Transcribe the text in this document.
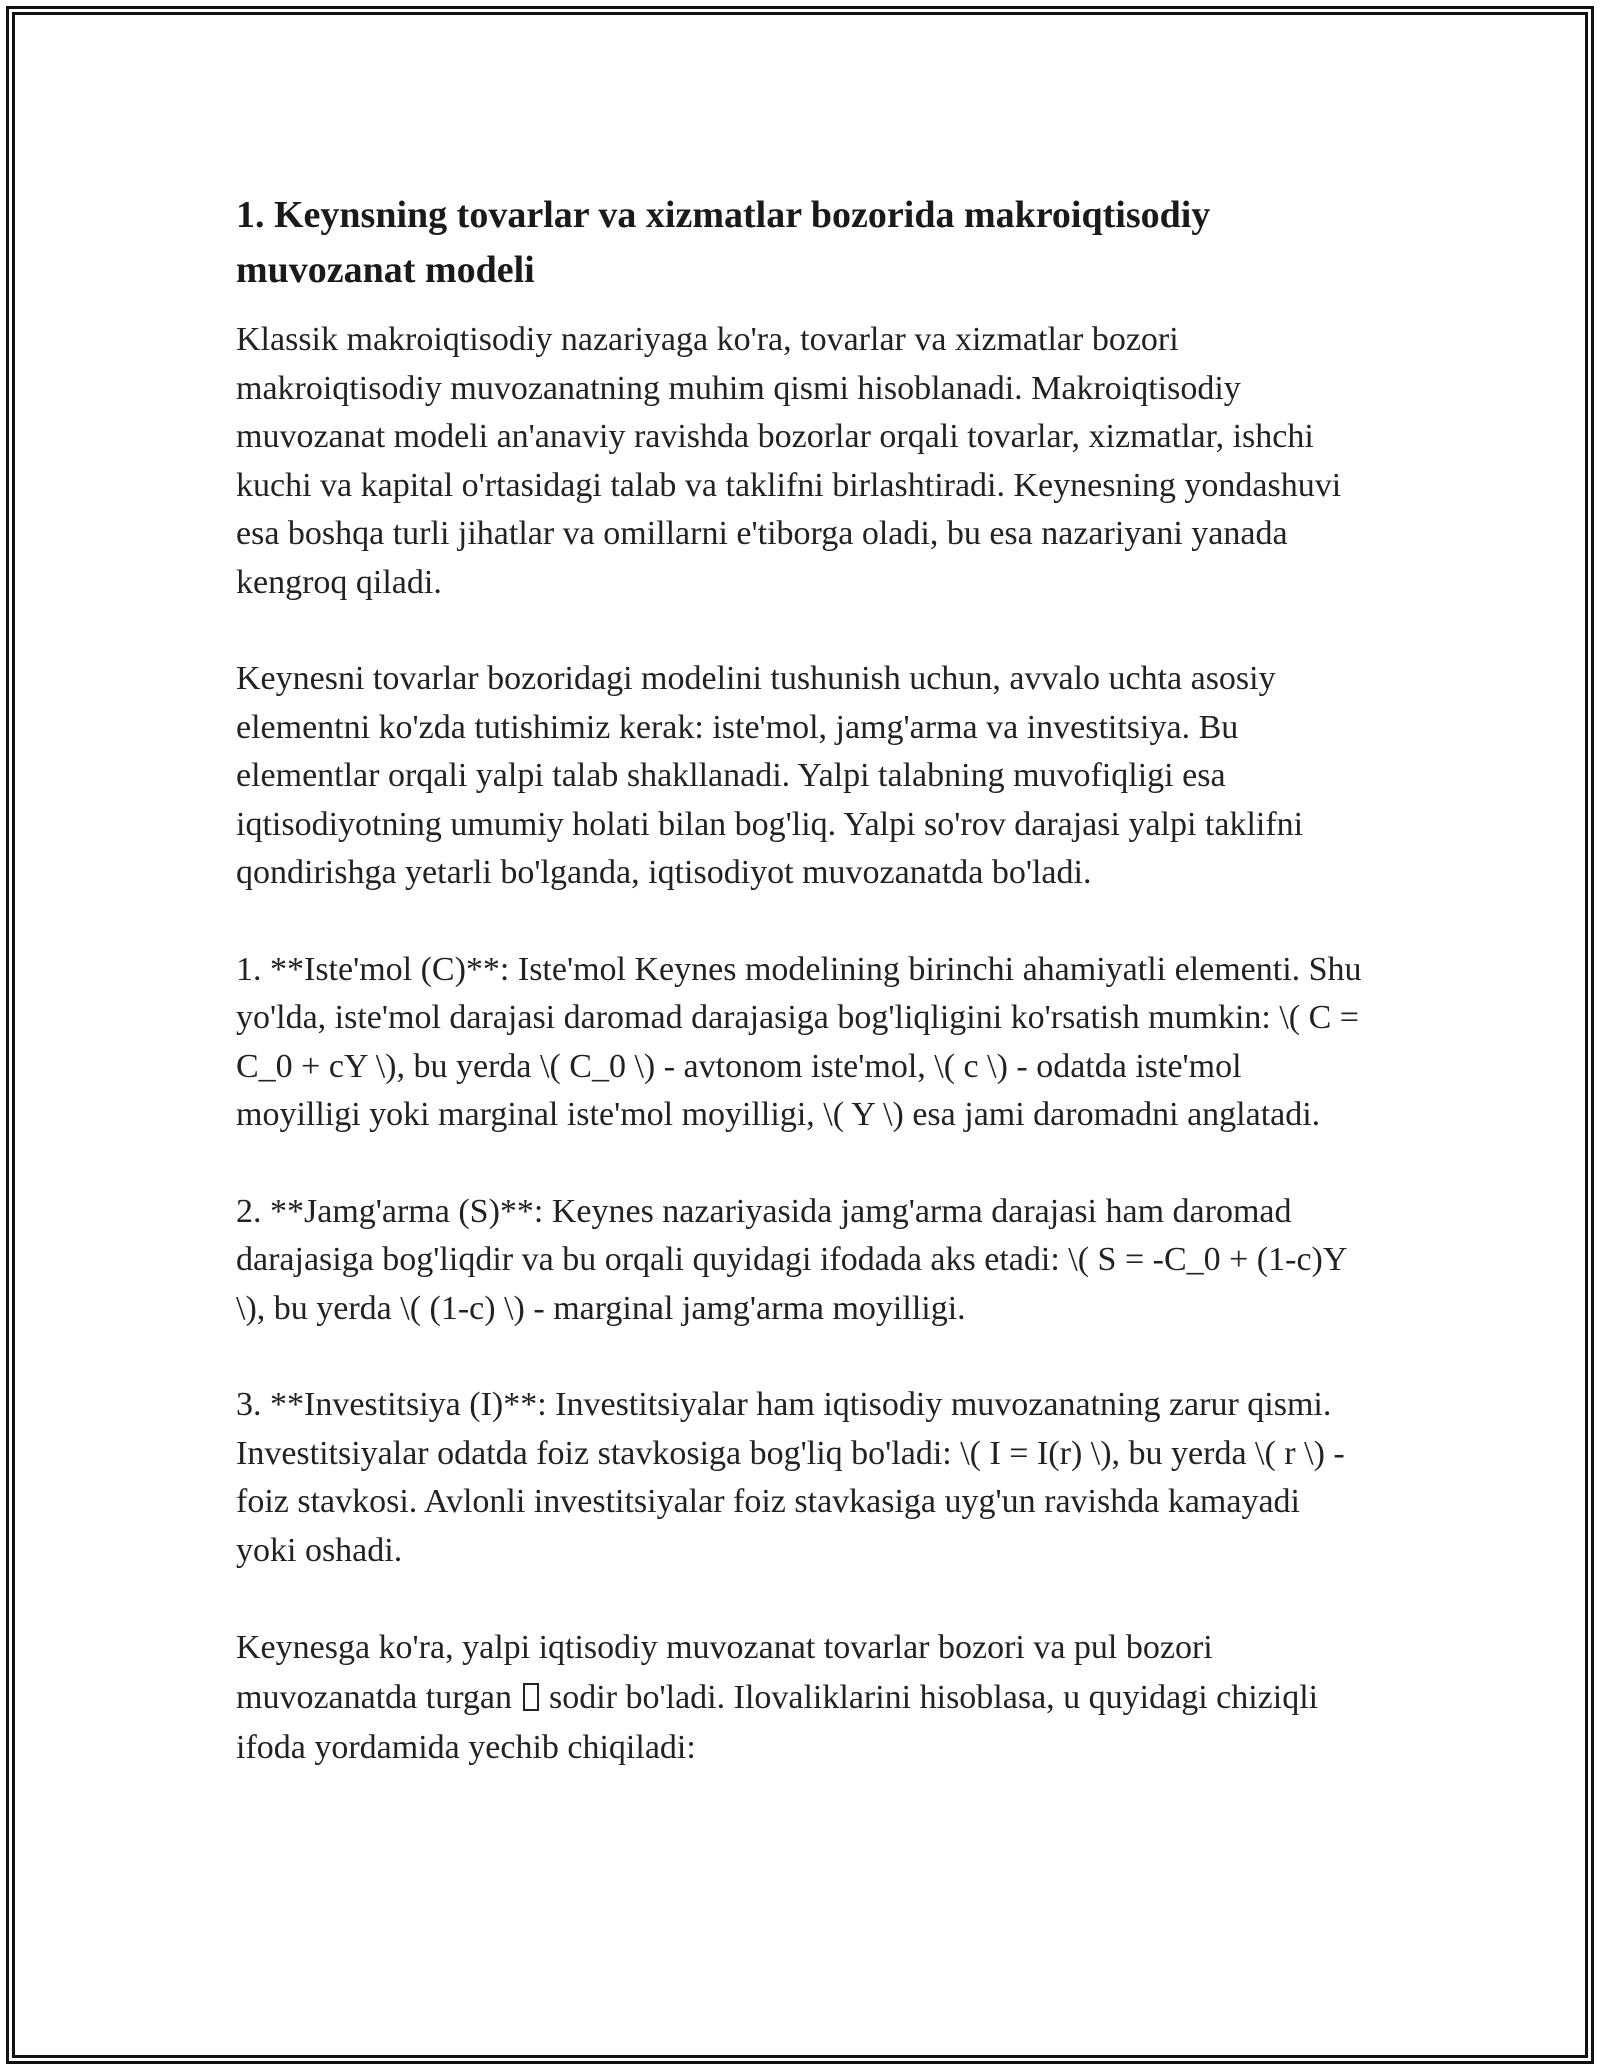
1. Keynsning tovarlar va xizmatlar bozorida makroiqtisodiy muvozanat modeli

Klassik makroiqtisodiy nazariyaga ko'ra, tovarlar va xizmatlar bozori makroiqtisodiy muvozanatning muhim qismi hisoblanadi. Makroiqtisodiy muvozanat modeli an'anaviy ravishda bozorlar orqali tovarlar, xizmatlar, ishchi kuchi va kapital o'rtasidagi talab va taklifni birlashtiradi. Keynesning yondashuvi esa boshqa turli jihatlar va omillarni e'tiborga oladi, bu esa nazariyani yanada kengroq qiladi.

Keynesni tovarlar bozoridagi modelini tushunish uchun, avvalo uchta asosiy elementni ko'zda tutishimiz kerak: iste'mol, jamg'arma va investitsiya. Bu elementlar orqali yalpi talab shakllanadi. Yalpi talabning muvofiqligi esa iqtisodiyotning umumiy holati bilan bog'liq. Yalpi so'rov darajasi yalpi taklifni qondirishga yetarli bo'lganda, iqtisodiyot muvozanatda bo'ladi.

1. **Iste'mol (C)**: Iste'mol Keynes modelining birinchi ahamiyatli elementi. Shu yo'lda, iste'mol darajasi daromad darajasiga bog'liqligini ko'rsatish mumkin: \( C = C_0 + cY \), bu yerda \( C_0 \) - avtonom iste'mol, \( c \) - odatda iste'mol moyilligi yoki marginal iste'mol moyilligi, \( Y \) esa jami daromadni anglatadi.

2. **Jamg'arma (S)**: Keynes nazariyasida jamg'arma darajasi ham daromad darajasiga bog'liqdir va bu orqali quyidagi ifodada aks etadi: \( S = -C_0 + (1-c)Y \), bu yerda \( (1-c) \) - marginal jamg'arma moyilligi.

3. **Investitsiya (I)**: Investitsiyalar ham iqtisodiy muvozanatning zarur qismi. Investitsiyalar odatda foiz stavkosiga bog'liq bo'ladi: \( I = I(r) \), bu yerda \( r \) - foiz stavkosi. Avlonli investitsiyalar foiz stavkasiga uyg'un ravishda kamayadi yoki oshadi.

Keynesga ko'ra, yalpi iqtisodiy muvozanat tovarlar bozori va pul bozori muvozanatda turgan sodir bo'ladi. Ilovaliklarini hisoblasa, u quyidagi chiziqli ifoda yordamida yechib chiqiladi:
